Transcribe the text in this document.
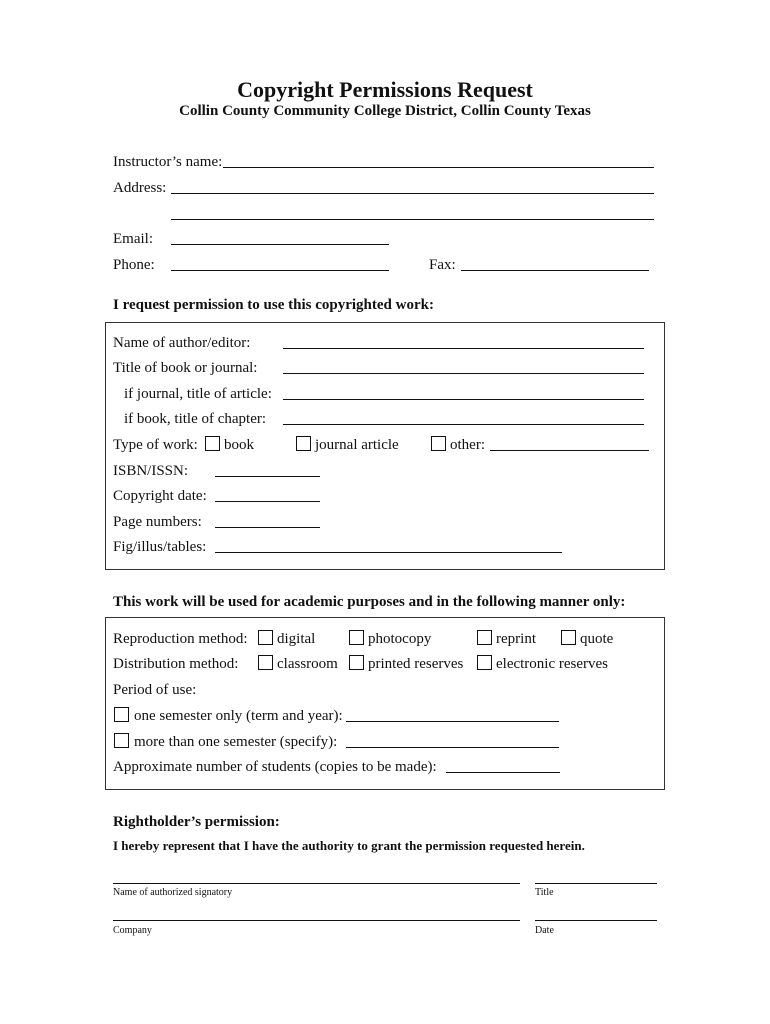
Copyright Permissions Request
Collin County Community College District, Collin County Texas
Instructor’s name:
Address:
Email:
Phone:	Fax:
I request permission to use this copyrighted work:
Name of author/editor:
Title of book or journal:
if journal, title of article:
if book, title of chapter:
Type of work: book	journal article	other:
ISBN/ISSN:
Copyright date:
Page numbers:
Fig/illus/tables:
This work will be used for academic purposes and in the following manner only:
Reproduction method: digital	photocopy	reprint	quote
Distribution method:	classroom printed reserves electronic reserves
Period of use:
one semester only (term and year):
more than one semester (specify):
Approximate number of students (copies to be made):
Rightholder’s permission:
I hereby represent that I have the authority to grant the permission requested herein.
Name of authorized signatory	Title
Company	Date
